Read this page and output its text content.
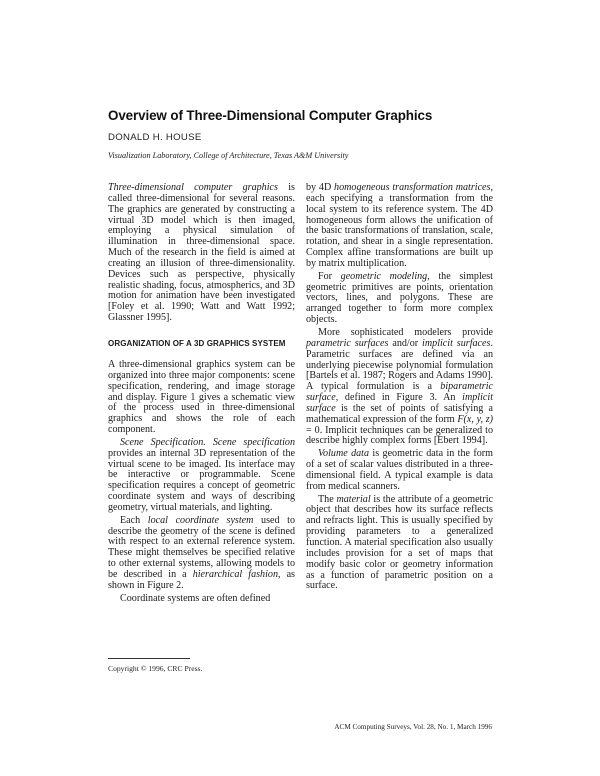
Overview of Three-Dimensional Computer Graphics

DONALD H. HOUSE

Visualization Laboratory, College of Architecture, Texas A&M University

Three-dimensional computer graphics is called three-dimensional for several reasons. The graphics are generated by constructing a virtual 3D model which is then imaged, employing a physical simulation of illumination in three-dimensional space. Much of the research in the field is aimed at creating an illusion of three-dimensionality. Devices such as perspective, physically realistic shading, focus, atmospherics, and 3D motion for animation have been investigated [Foley et al. 1990; Watt and Watt 1992; Glassner 1995].

ORGANIZATION OF A 3D GRAPHICS SYSTEM

A three-dimensional graphics system can be organized into three major components: scene specification, rendering, and image storage and display. Figure 1 gives a schematic view of the process used in three-dimensional graphics and shows the role of each component.

Scene Specification. Scene specification provides an internal 3D representation of the virtual scene to be imaged. Its interface may be interactive or programmable. Scene specification requires a concept of geometric coordinate system and ways of describing geometry, virtual materials, and lighting.

Each local coordinate system used to describe the geometry of the scene is defined with respect to an external reference system. These might themselves be specified relative to other external systems, allowing models to be described in a hierarchical fashion, as shown in Figure 2.

Coordinate systems are often defined

by 4D homogeneous transformation matrices, each specifying a transformation from the local system to its reference system. The 4D homogeneous form allows the unification of the basic transformations of translation, scale, rotation, and shear in a single representation. Complex affine transformations are built up by matrix multiplication.

For geometric modeling, the simplest geometric primitives are points, orientation vectors, lines, and polygons. These are arranged together to form more complex objects.

More sophisticated modelers provide parametric surfaces and/or implicit surfaces. Parametric surfaces are defined via an underlying piecewise polynomial formulation [Bartels et al. 1987; Rogers and Adams 1990]. A typical formulation is a biparametric surface, defined in Figure 3. An implicit surface is the set of points of satisfying a mathematical expression of the form F(x, y, z) = 0. Implicit techniques can be generalized to describe highly complex forms [Ebert 1994].

Volume data is geometric data in the form of a set of scalar values distributed in a three-dimensional field. A typical example is data from medical scanners.

The material is the attribute of a geometric object that describes how its surface reflects and refracts light. This is usually specified by providing parameters to a generalized function. A material specification also usually includes provision for a set of maps that modify basic color or geometry information as a function of parametric position on a surface.

Copyright © 1996, CRC Press.

ACM Computing Surveys, Vol. 28, No. 1, March 1996
